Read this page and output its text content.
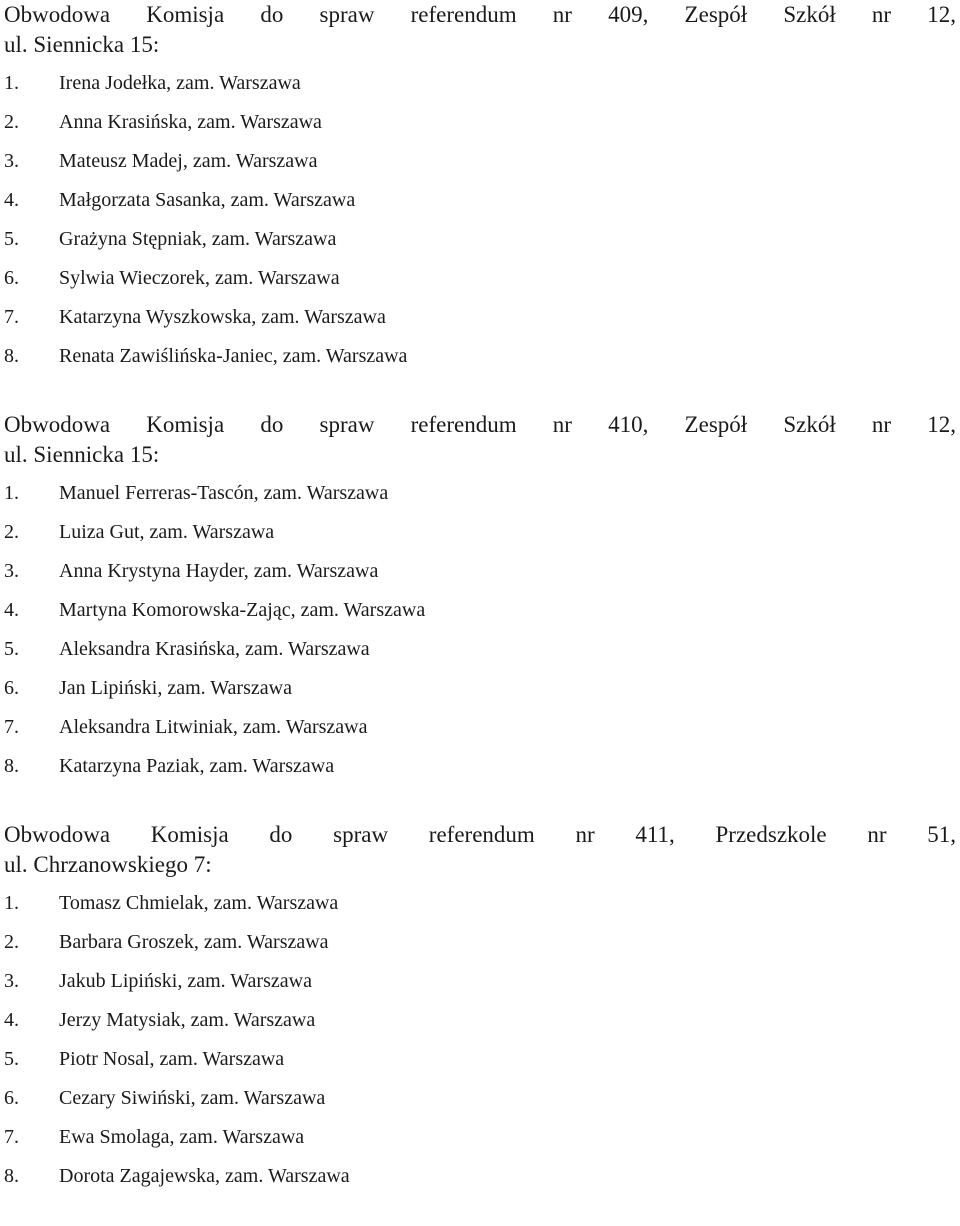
Obwodowa Komisja do spraw referendum nr 409, Zespół Szkół nr 12,

ul. Siennicka 15:

1. Irena Jodełka, zam. Warszawa
2. Anna Krasińska, zam. Warszawa
3. Mateusz Madej, zam. Warszawa
4. Małgorzata Sasanka, zam. Warszawa
5. Grażyna Stępniak, zam. Warszawa
6. Sylwia Wieczorek, zam. Warszawa
7. Katarzyna Wyszkowska, zam. Warszawa
8. Renata Zawiślińska-Janiec, zam. Warszawa

Obwodowa Komisja do spraw referendum nr 410, Zespół Szkół nr 12,

ul. Siennicka 15:

1. Manuel Ferreras-Tascón, zam. Warszawa
2. Luiza Gut, zam. Warszawa
3. Anna Krystyna Hayder, zam. Warszawa
4. Martyna Komorowska-Zając, zam. Warszawa
5. Aleksandra Krasińska, zam. Warszawa
6. Jan Lipiński, zam. Warszawa
7. Aleksandra Litwiniak, zam. Warszawa
8. Katarzyna Paziak, zam. Warszawa

Obwodowa Komisja do spraw referendum nr 411, Przedszkole nr 51,

ul. Chrzanowskiego 7:

1. Tomasz Chmielak, zam. Warszawa
2. Barbara Groszek, zam. Warszawa
3. Jakub Lipiński, zam. Warszawa
4. Jerzy Matysiak, zam. Warszawa
5. Piotr Nosal, zam. Warszawa
6. Cezary Siwiński, zam. Warszawa
7. Ewa Smolaga, zam. Warszawa
8. Dorota Zagajewska, zam. Warszawa
